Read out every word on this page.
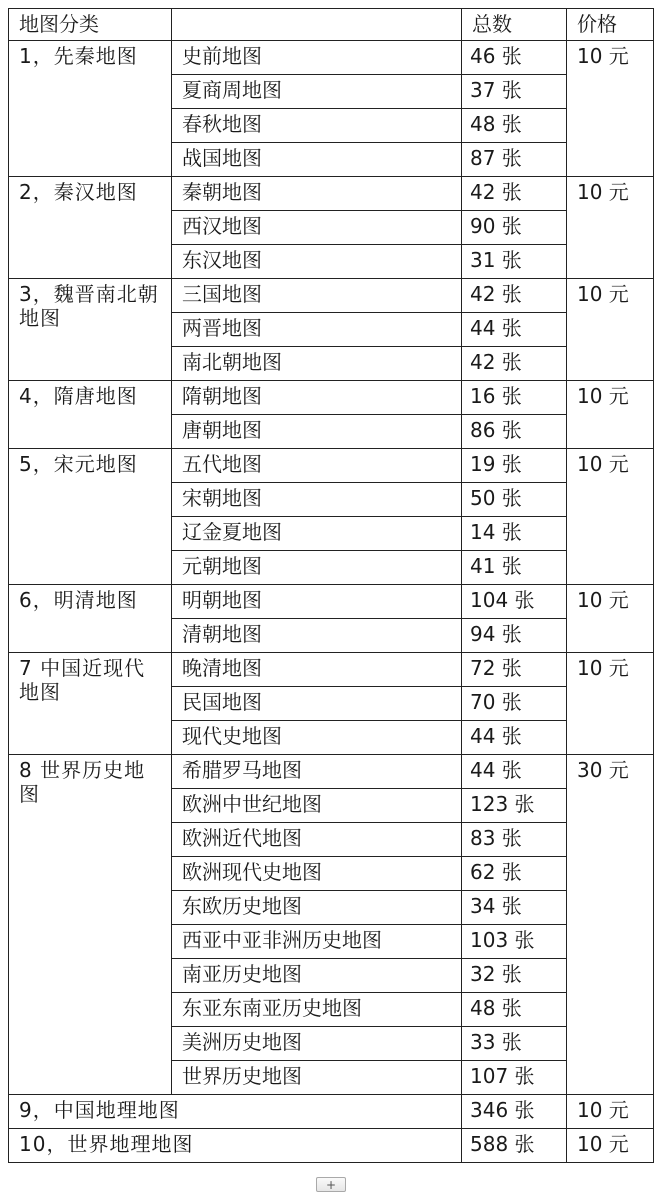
地图分类		总数	价格
1，先秦地图	史前地图	46 张	10 元
	夏商周地图	37 张	
	春秋地图	48 张	
	战国地图	87 张	
2，秦汉地图	秦朝地图	42 张	10 元
	西汉地图	90 张	
	东汉地图	31 张	
3，魏晋南北朝地图	三国地图	42 张	10 元
	两晋地图	44 张	
	南北朝地图	42 张	
4，隋唐地图	隋朝地图	16 张	10 元
	唐朝地图	86 张	
5，宋元地图	五代地图	19 张	10 元
	宋朝地图	50 张	
	辽金夏地图	14 张	
	元朝地图	41 张	
6，明清地图	明朝地图	104 张	10 元
	清朝地图	94 张	
7 中国近现代地图	晚清地图	72 张	10 元
	民国地图	70 张	
	现代史地图	44 张	
8 世界历史地图	希腊罗马地图	44 张	30 元
	欧洲中世纪地图	123 张	
	欧洲近代地图	83 张	
	欧洲现代史地图	62 张	
	东欧历史地图	34 张	
	西亚中亚非洲历史地图	103 张	
	南亚历史地图	32 张	
	东亚东南亚历史地图	48 张	
	美洲历史地图	33 张	
	世界历史地图	107 张	
9，中国地理地图		346 张	10 元
10，世界地理地图		588 张	10 元
+
